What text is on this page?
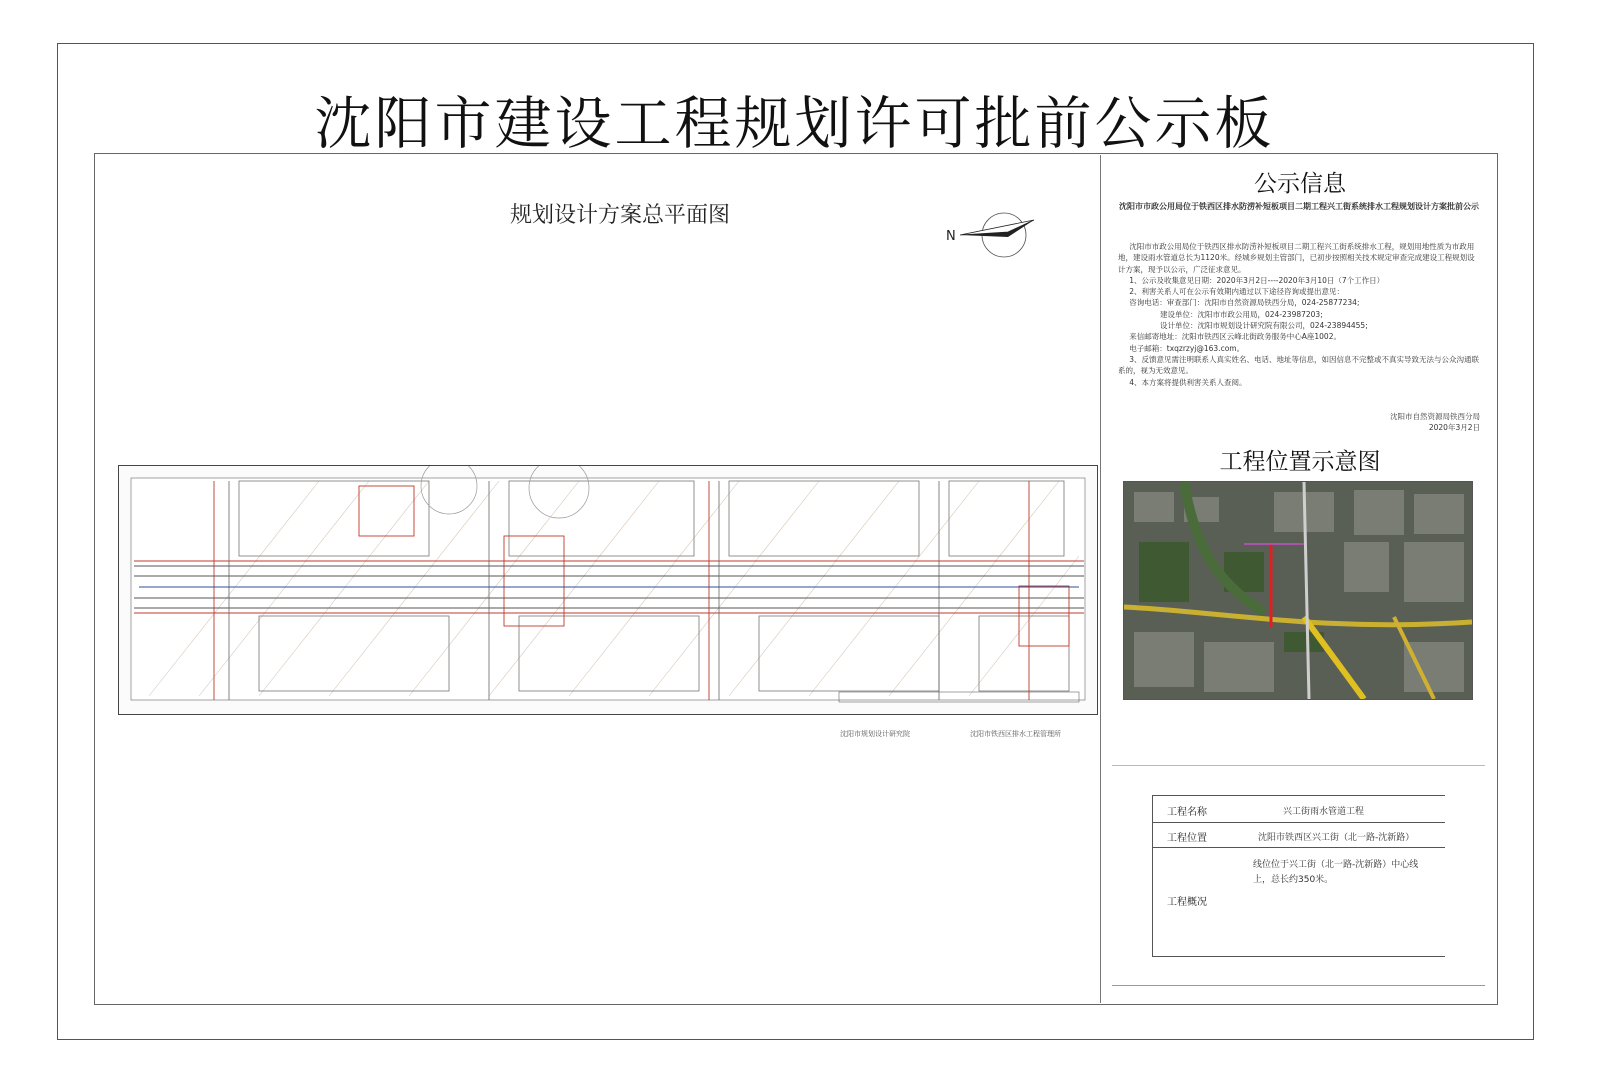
沈阳市建设工程规划许可批前公示板
规划设计方案总平面图
N
沈阳市规划设计研究院	沈阳市铁西区排水工程管理所
公示信息
沈阳市市政公用局位于铁西区排水防涝补短板项目二期工程兴工街系统排水工程规划设计方案批前公示

沈阳市市政公用局位于铁西区排水防涝补短板项目二期工程兴工街系统排水工程，规划用地性质为市政用地，建设雨水管道总长为1120米。经城乡规划主管部门，已初步按照相关技术规定审查完成建设工程规划设计方案，现予以公示，广泛征求意见。

1、公示及收集意见日期：2020年3月2日----2020年3月10日（7个工作日）

2、利害关系人可在公示有效期内通过以下途径咨询或提出意见：

咨询电话：审查部门：沈阳市自然资源局铁西分局，024-25877234;

建设单位：沈阳市市政公用局，024-23987203;

设计单位：沈阳市规划设计研究院有限公司，024-23894455;

来信邮寄地址：沈阳市铁西区云峰北街政务服务中心A座1002。

电子邮箱：txqzrzyj@163.com。

3、反馈意见需注明联系人真实姓名、电话、地址等信息，如因信息不完整或不真实导致无法与公众沟通联系的，视为无效意见。

4、本方案将提供利害关系人查阅。

沈阳市自然资源局铁西分局
2020年3月2日
工程位置示意图
工程名称	兴工街雨水管道工程
工程位置	沈阳市铁西区兴工街（北一路-沈新路）
工程概况
线位位于兴工街（北一路-沈新路）中心线上，总长约350米。
